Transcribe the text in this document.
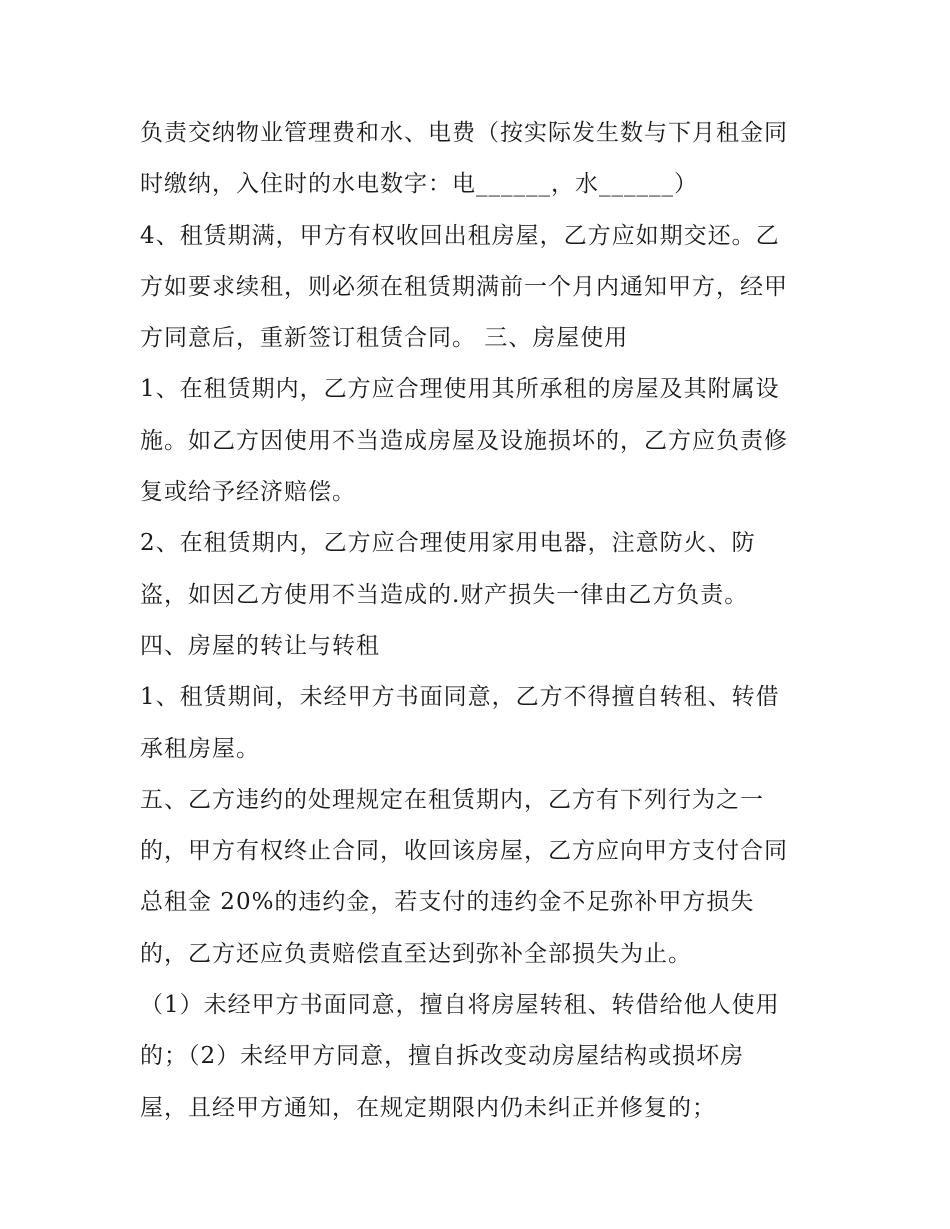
负责交纳物业管理费和水、电费（按实际发生数与下月租金同
时缴纳，入住时的水电数字：电______，水______）
4、租赁期满，甲方有权收回出租房屋，乙方应如期交还。乙
方如要求续租，则必须在租赁期满前一个月内通知甲方，经甲
方同意后，重新签订租赁合同。 三、房屋使用
1、在租赁期内，乙方应合理使用其所承租的房屋及其附属设
施。如乙方因使用不当造成房屋及设施损坏的，乙方应负责修
复或给予经济赔偿。
2、在租赁期内，乙方应合理使用家用电器，注意防火、防
盗，如因乙方使用不当造成的.财产损失一律由乙方负责。
四、房屋的转让与转租
1、租赁期间，未经甲方书面同意，乙方不得擅自转租、转借
承租房屋。
五、乙方违约的处理规定在租赁期内，乙方有下列行为之一
的，甲方有权终止合同，收回该房屋，乙方应向甲方支付合同
总租金 20%的违约金，若支付的违约金不足弥补甲方损失
的，乙方还应负责赔偿直至达到弥补全部损失为止。
（1）未经甲方书面同意，擅自将房屋转租、转借给他人使用
的；（2）未经甲方同意，擅自拆改变动房屋结构或损坏房
屋，且经甲方通知，在规定期限内仍未纠正并修复的；
